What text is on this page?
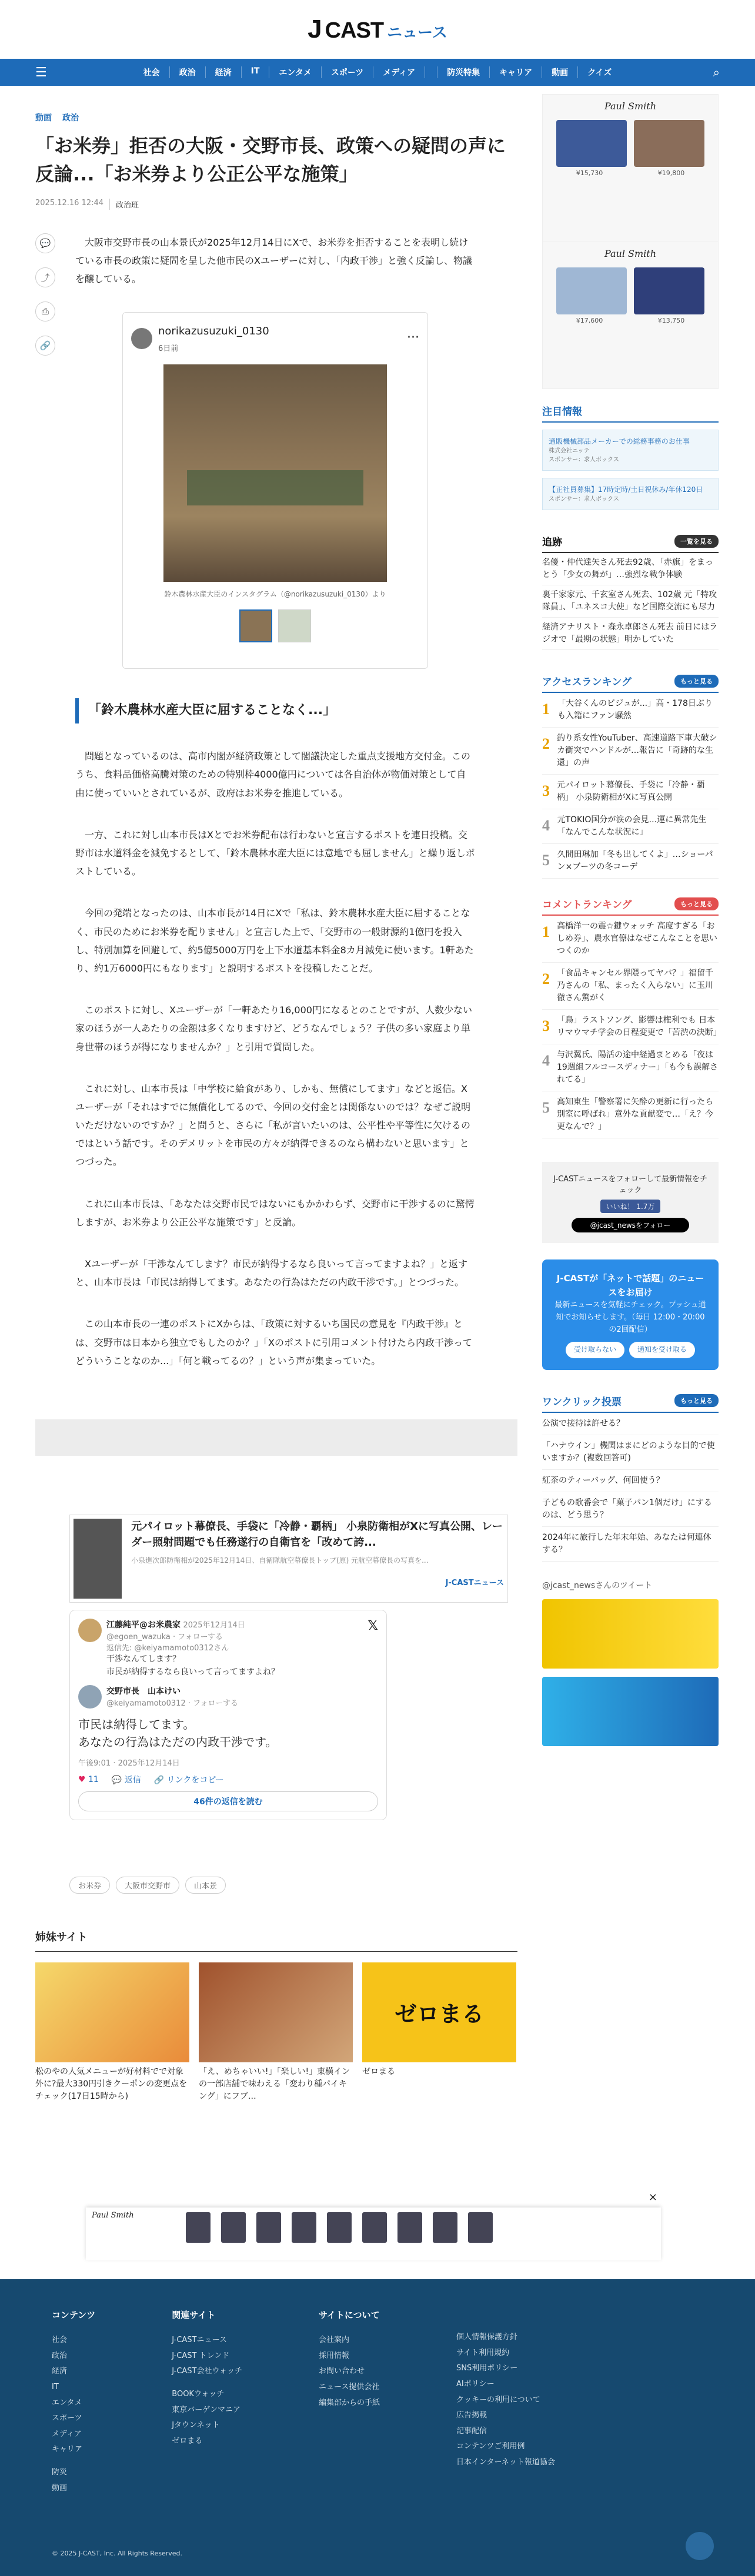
J CAST ニュース
☰	社会	政治	経済	IT	エンタメ	スポーツ	メディア	防災特集	キャリア	動画	クイズ	⌕
動画 政治
「お米券」拒否の大阪・交野市長、政策への疑問の声に反論...「お米券より公正公平な施策」
2025.12.16 12:44	政治班
💬
⤴
⎙
🔗

大阪市交野市長の山本景氏が2025年12月14日にXで、お米券を拒否することを表明し続けている市長の政策に疑問を呈した他市民のXユーザーに対し、「内政干渉」と強く反論し、物議を醸している。

norikazusuzuki_0130
6日前
···
鈴木農林水産大臣のインスタグラム（@norikazusuzuki_0130）より
「鈴木農林水産大臣に屈することなく...」

問題となっているのは、高市内閣が経済政策として閣議決定した重点支援地方交付金。このうち、食料品価格高騰対策のための特別枠4000億円については各自治体が物価対策として自由に使っていいとされているが、政府はお米券を推進している。

一方、これに対し山本市長はXとでお米券配布は行わないと宣言するポストを連日投稿。交野市は水道料金を減免するとして、「鈴木農林水産大臣には意地でも屈しません」と繰り返しポストしている。

今回の発端となったのは、山本市長が14日にXで「私は、鈴木農林水産大臣に屈することなく、市民のためにお米券を配りません」と宣言した上で、「交野市の一般財源約1億円を投入し、特別加算を回避して、約5億5000万円を上下水道基本料金8カ月減免に使います。1軒あたり、約1万6000円にもなります」と説明するポストを投稿したことだ。

このポストに対し、Xユーザーが「一軒あたり16,000円になるとのことですが、人数少ない家のほうが一人あたりの金額は多くなりますけど、どうなんでしょう？子供の多い家庭より単身世帯のほうが得になりませんか？」と引用で質問した。

これに対し、山本市長は「中学校に給食があり、しかも、無償にしてます」などと返信。Xユーザーが「それはすでに無償化してるので、今回の交付金とは関係ないのでは？なぜご説明いただけないのですか？」と問うと、さらに「私が言いたいのは、公平性や平等性に欠けるのではという話です。そのデメリットを市民の方々が納得できるのなら構わないと思います」とつづった。

これに山本市長は、「あなたは交野市民ではないにもかかわらず、交野市に干渉するのに驚愕しますが、お米券より公正公平な施策です」と反論。

Xユーザーが「干渉なんてします？市民が納得するなら良いって言ってますよね？」と返すと、山本市長は「市民は納得してます。あなたの行為はただの内政干渉です。」とつづった。

この山本市長の一連のポストにXからは、「政策に対するいち国民の意見を『内政干渉』とは、交野市は日本から独立でもしたのか？」「Xのポストに引用コメント付けたら内政干渉ってどういうことなのか...」「何と戦ってるの？」という声が集まっていた。

元パイロット幕僚長、手袋に「冷静・覇柄」 小泉防衛相がXに写真公開、レーダー照射問題でも任務遂行の自衛官を「改めて誇...
小泉進次郎防衛相が2025年12月14日、自衛隊航空幕僚長トップ(原) 元航空幕僚長の写真を...
J-CASTニュース
江藤純平@お米農家 2025年12月14日
@egoen_wazuka · フォローする
返信先: @keiyamamoto0312さん
𝕏
干渉なんてします？
市民が納得するなら良いって言ってますよね？
交野市長　山本けい
@keiyamamoto0312 · フォローする
市民は納得してます。
あなたの行為はただの内政干渉です。
午後9:01 · 2025年12月14日
♥ 11 💬 返信 🔗 リンクをコピー
46件の返信を読む
お米券	大阪市交野市	山本景
姉妹サイト
松のやの人気メニューが好材料でで対象外に?最大330円引きクーポンの変更点をチェック(17日15時から)
「え、めちゃいい!」「楽しい!」東横インの一部店舗で味わえる「変わり種パイキング」にフブ…
ゼロまる
ゼロまる
Paul Smith
¥15,730	¥19,800
Paul Smith
¥17,600	¥13,750
注目情報
通販機械部品メーカーでの総務事務のお仕事
株式会社ニッテ
スポンサー：求人ボックス
【正社員募集】17時定時/土日祝休み/年休120日
スポンサー：求人ボックス
追跡	一覧を見る
名優・仲代達矢さん死去92歳、「赤旗」をまっとう「少女の舞が」…強烈な戦争体験
裏千家家元、千玄室さん死去、102歳 元「特攻隊員」、「ユネスコ大使」など国際交流にも尽力
経済アナリスト・森永卓郎さん死去 前日にはラジオで「最期の状態」明かしていた
アクセスランキング	もっと見る
1 「大谷くんのビジュが...」高・178日ぶりも入籍にファン騒然
2 釣り系女性YouTuber、高速道路下車大破シカ衝突でハンドルが…報告に「奇跡的な生還」の声
3 元パイロット幕僚長、手袋に「冷静・覇柄」 小泉防衛相がXに写真公開
4 元TOKIO国分が涙の会見…運に異常先生「なんでこんな状況に」
5 久間田琳加「冬も出してくよ」…ショーパン×ブーツの冬コーデ
コメントランキング	もっと見る
1 高橋洋一の震☆鍵ウォッチ 高度すぎる「おしめ券」、農水官僚はなぜこんなことを思いつくのか
2 「食品キャンセル界隈ってヤバ？」福留千乃さんの「私、まったく入らない」に玉川徹さん驚がく
3 「鳥」ラストソング、影響は権利でも 日本リマウマチ学会の日程変更で「苦渋の決断」
4 与沢翼氏、陽活の途中経過まとめる「夜は19週組フルコースディナー」「も今も誤解されてる」
5 高知東生「警察署に矢酔の更新に行ったら別室に呼ばれ」意外な貢献変で…「え？今更なんで？」
J-CASTニュースをフォローして最新情報をチェック
いいね！ 1.7万
@jcast_newsをフォロー
J-CASTが「ネットで話題」のニュースをお届け
最新ニュースを気軽にチェック。プッシュ通知でお知らせします。（毎日 12:00・20:00 の2回配信）
受け取らない	通知を受け取る
ワンクリック投票	もっと見る
公演で接待は許せる？
「ハナウイン」機関はまにどのような目的で使いますか？(複数回答可)
紅茶のティーバッグ、何回使う？
子どもの歌番会で「菓子パン1個だけ」にするのは、どう思う？
2024年に旅行した年末年始、あなたは何連休する？
@jcast_newsさんのツイート
×
Paul Smith
コンテンツ
社会
政治
経済
IT
エンタメ
スポーツ
メディア
キャリア
防災
動画
関連サイト
J-CASTニュース
J-CAST トレンド
J-CAST会社ウォッチ
BOOKウォッチ
東京バーゲンマニア
Jタウンネット
ゼロまる
サイトについて
会社案内
採用情報
お問い合わせ
ニュース提供会社
編集部からの手紙
個人情報保護方針
サイト利用規約
SNS利用ポリシー
AIポリシー
クッキーの利用について
広告掲載
記事配信
コンテンツご利用例
日本インターネット報道協会
© 2025 J-CAST, Inc. All Rights Reserved.
